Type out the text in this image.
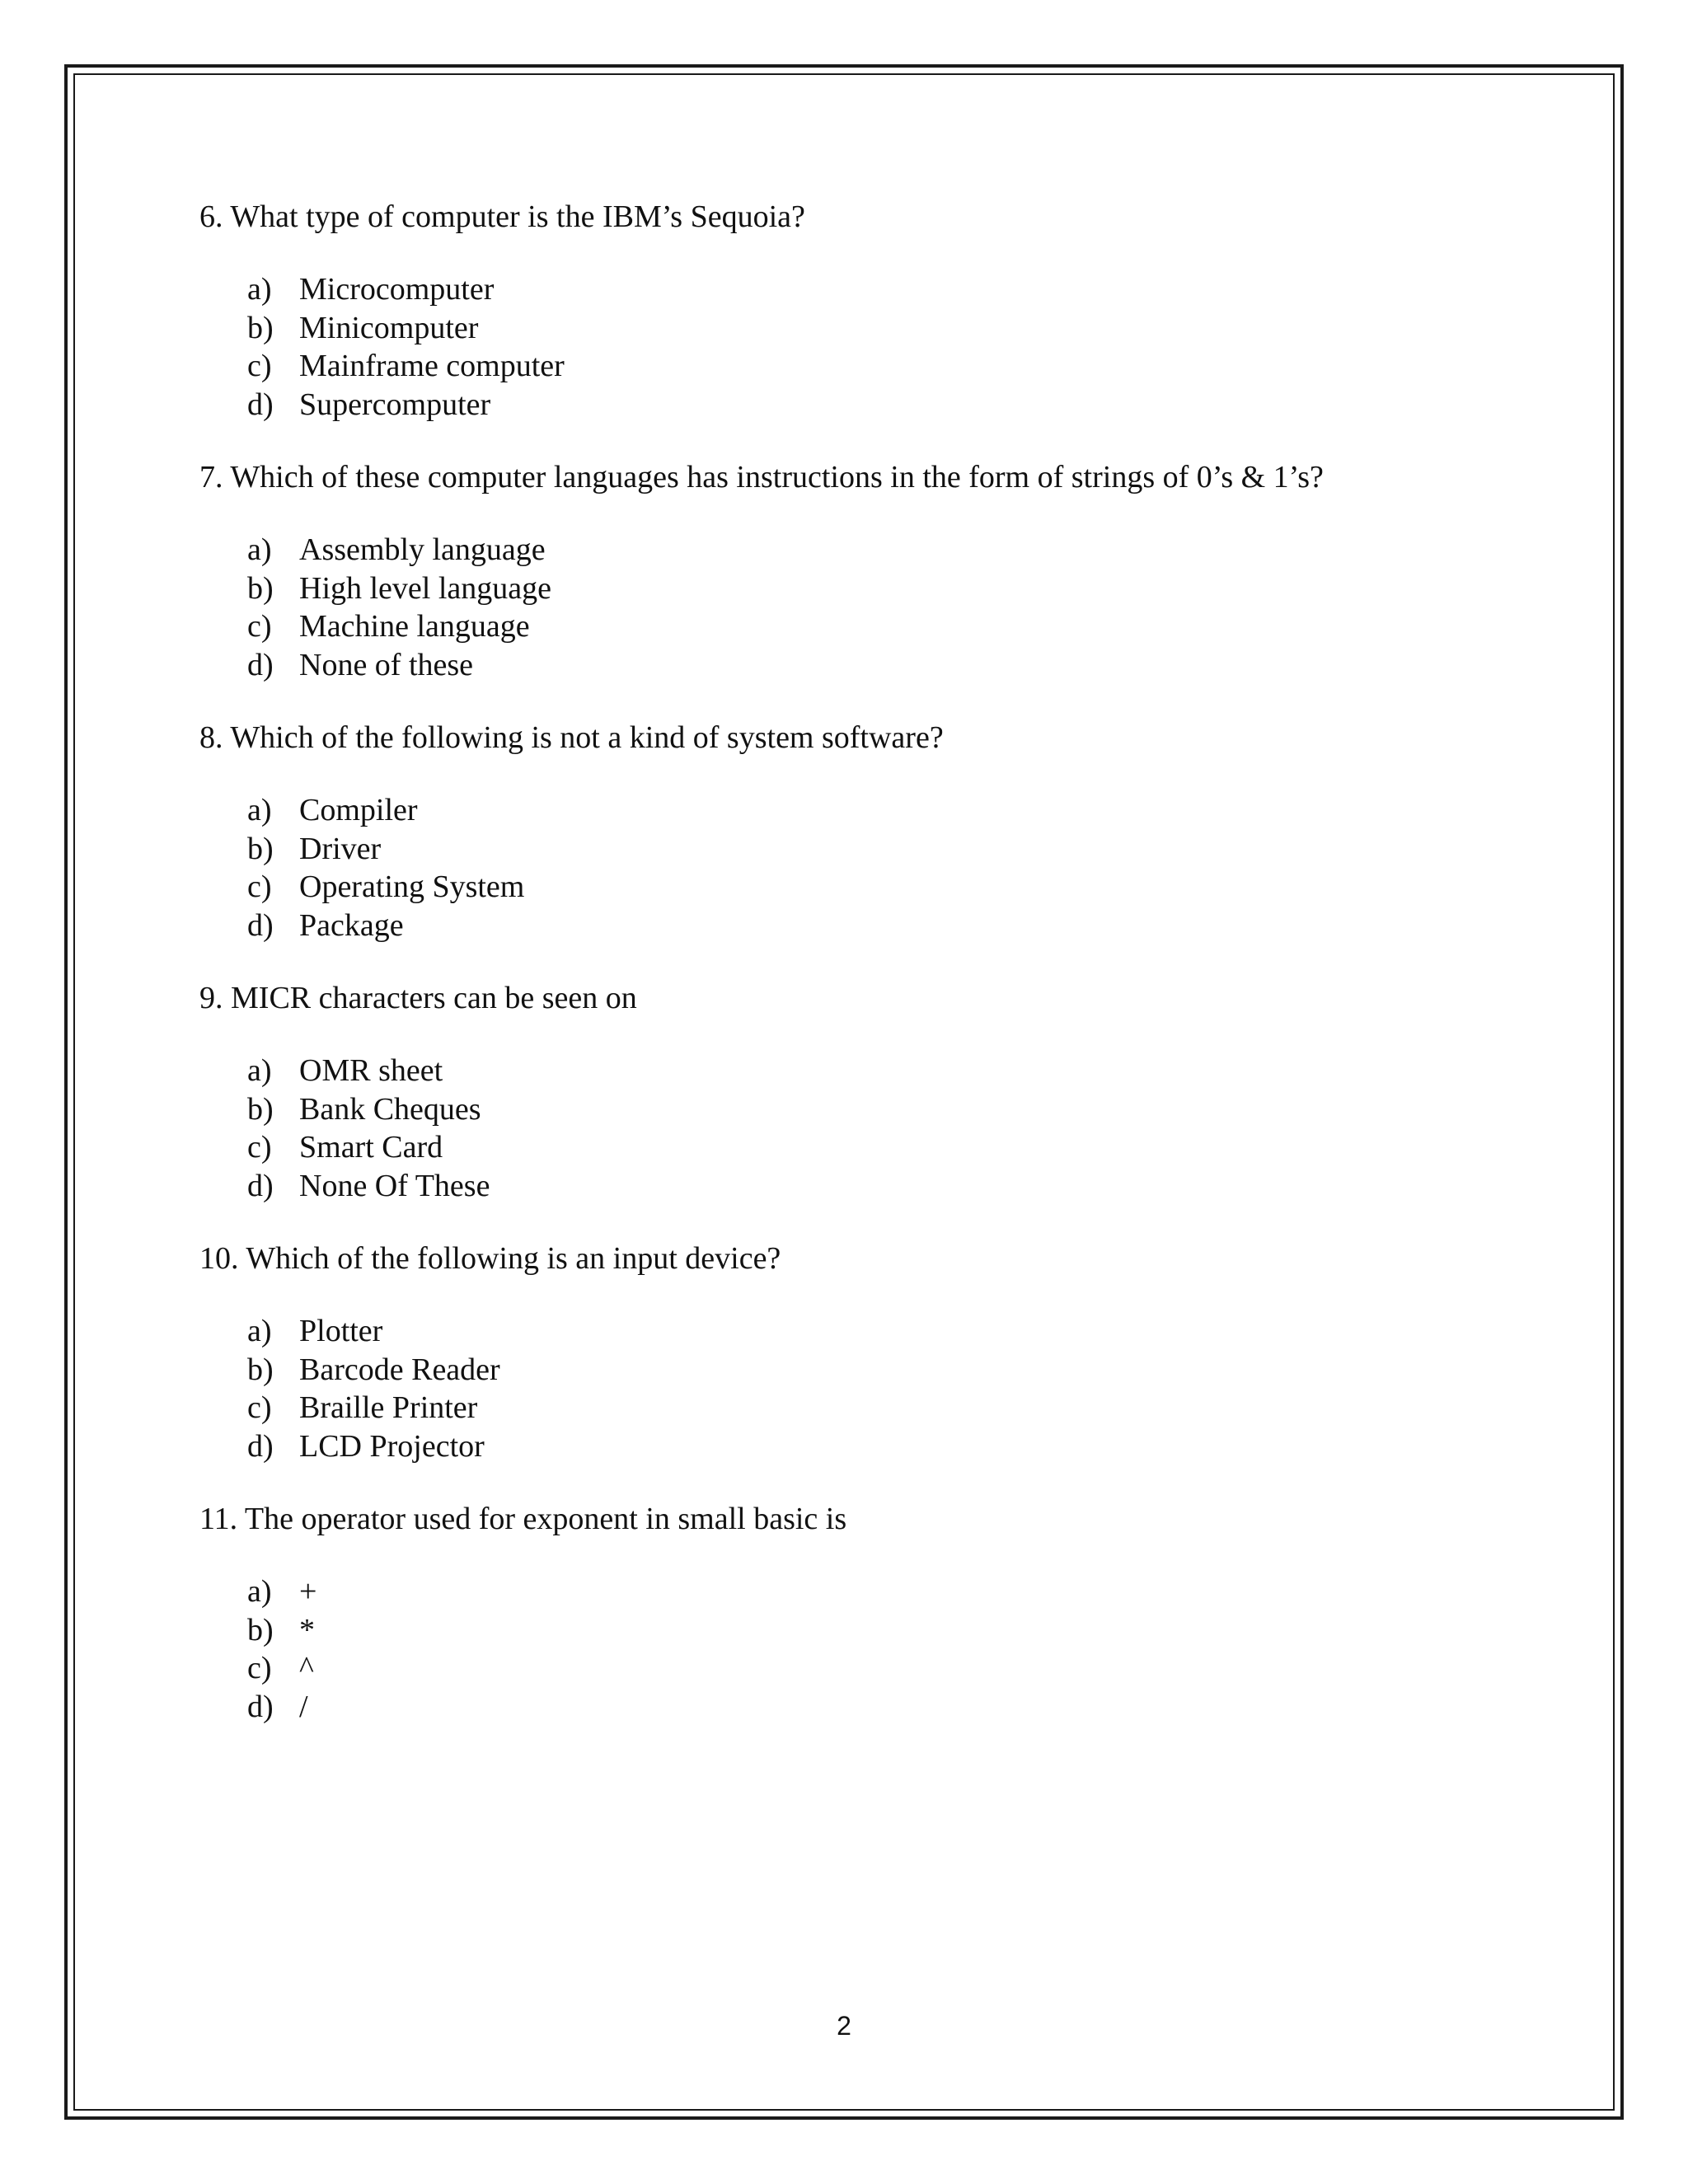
6. What type of computer is the IBM’s Sequoia?

a) Microcomputer
b) Minicomputer
c) Mainframe computer
d) Supercomputer

7. Which of these computer languages has instructions in the form of strings of 0’s & 1’s?

a) Assembly language
b) High level language
c) Machine language
d) None of these

8. Which of the following is not a kind of system software?

a) Compiler
b) Driver
c) Operating System
d) Package

9. MICR characters can be seen on

a) OMR sheet
b) Bank Cheques
c) Smart Card
d) None Of These

10. Which of the following is an input device?

a) Plotter
b) Barcode Reader
c) Braille Printer
d) LCD Projector

11. The operator used for exponent in small basic is

a) +
b) *
c) ^
d) /
2
